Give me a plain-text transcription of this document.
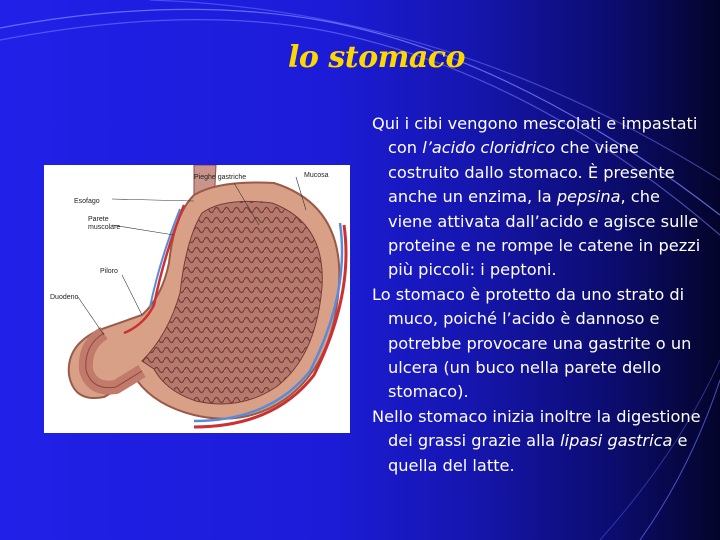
lo stomaco
Pieghe gastriche	Mucosa
Esofago
Parete
muscolare
Piloro
Duodeno

Qui i cibi vengono mescolati e impastati con l’acido cloridrico che viene costruito dallo stomaco. È presente anche un enzima, la pepsina, che viene attivata dall’acido e agisce sulle proteine e ne rompe le catene in pezzi più piccoli: i peptoni.

Lo stomaco è protetto da uno strato di muco, poiché l’acido è dannoso e potrebbe provocare una gastrite o un ulcera (un buco nella parete dello stomaco).

Nello stomaco inizia inoltre la digestione dei grassi grazie alla lipasi gastrica e quella del latte.
